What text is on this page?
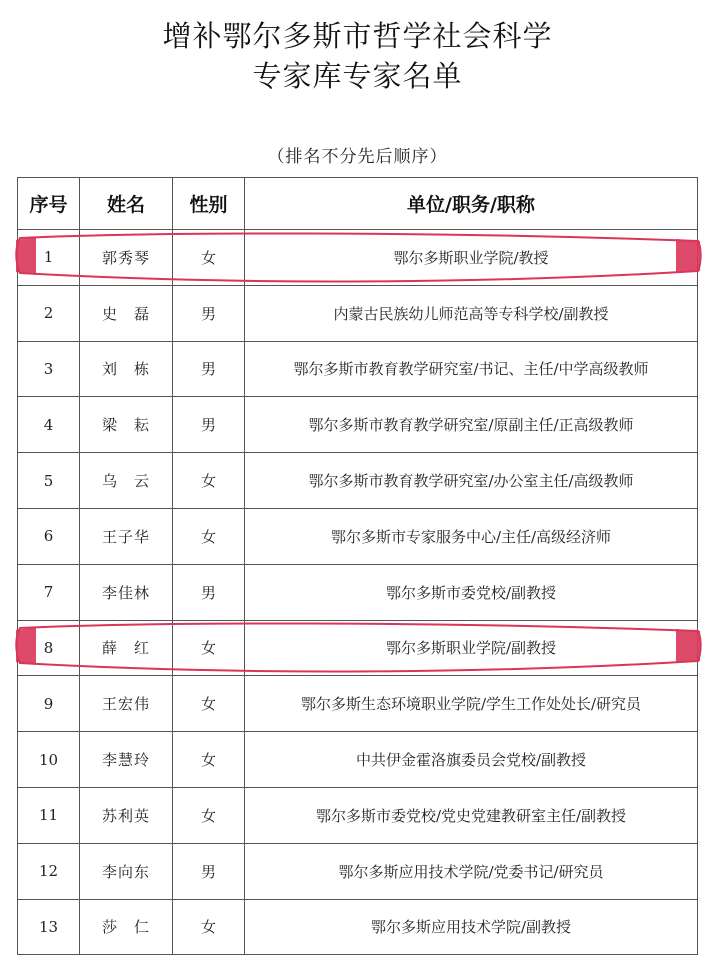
增补鄂尔多斯市哲学社会科学
专家库专家名单
（排名不分先后顺序）
序号	姓名	性别	单位/职务/职称
1	郭秀琴	女	鄂尔多斯职业学院/教授
2	史　磊	男	内蒙古民族幼儿师范高等专科学校/副教授
3	刘　栋	男	鄂尔多斯市教育教学研究室/书记、主任/中学高级教师
4	梁　耘	男	鄂尔多斯市教育教学研究室/原副主任/正高级教师
5	乌　云	女	鄂尔多斯市教育教学研究室/办公室主任/高级教师
6	王子华	女	鄂尔多斯市专家服务中心/主任/高级经济师
7	李佳林	男	鄂尔多斯市委党校/副教授
8	薛　红	女	鄂尔多斯职业学院/副教授
9	王宏伟	女	鄂尔多斯生态环境职业学院/学生工作处处长/研究员
10	李慧玲	女	中共伊金霍洛旗委员会党校/副教授
11	苏利英	女	鄂尔多斯市委党校/党史党建教研室主任/副教授
12	李向东	男	鄂尔多斯应用技术学院/党委书记/研究员
13	莎　仁	女	鄂尔多斯应用技术学院/副教授
